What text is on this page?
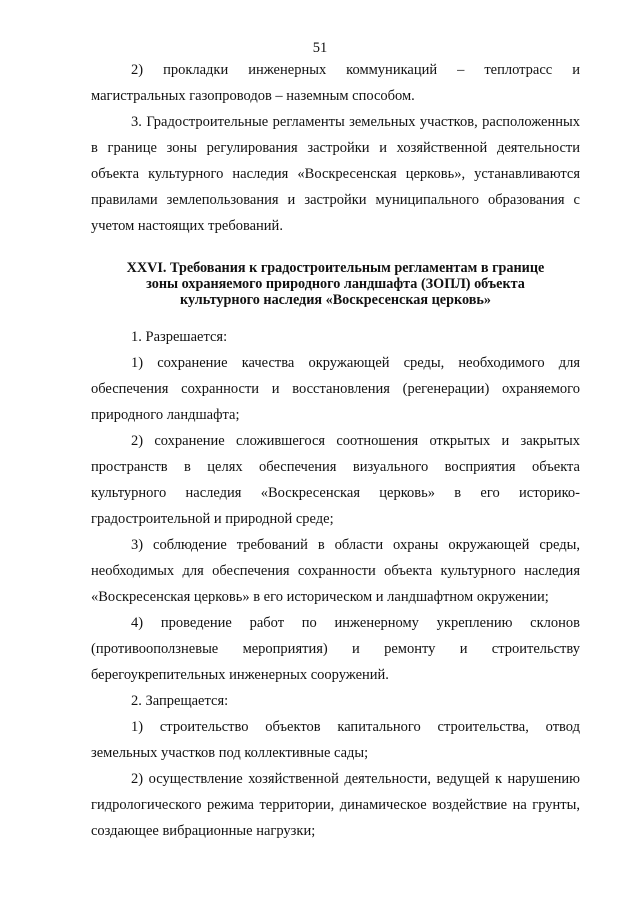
51

2) прокладки инженерных коммуникаций – теплотрасс и магистральных газопроводов – наземным способом.

3. Градостроительные регламенты земельных участков, расположенных в границе зоны регулирования застройки и хозяйственной деятельности объекта культурного наследия «Воскресенская церковь», устанавливаются правилами землепользования и застройки муниципального образования с учетом настоящих требований.

XXVI. Требования к градостроительным регламентам в границе
зоны охраняемого природного ландшафта (ЗОПЛ) объекта
культурного наследия «Воскресенская церковь»

1. Разрешается:

1) сохранение качества окружающей среды, необходимого для обеспечения сохранности и восстановления (регенерации) охраняемого природного ландшафта;

2) сохранение сложившегося соотношения открытых и закрытых пространств в целях обеспечения визуального восприятия объекта культурного наследия «Воскресенская церковь» в его историко-градостроительной и природной среде;

3) соблюдение требований в области охраны окружающей среды, необходимых для обеспечения сохранности объекта культурного наследия «Воскресенская церковь» в его историческом и ландшафтном окружении;

4) проведение работ по инженерному укреплению склонов (противооползневые мероприятия) и ремонту и строительству берегоукрепительных инженерных сооружений.

2. Запрещается:

1) строительство объектов капитального строительства, отвод земельных участков под коллективные сады;

2) осуществление хозяйственной деятельности, ведущей к нарушению гидрологического режима территории, динамическое воздействие на грунты, создающее вибрационные нагрузки;
